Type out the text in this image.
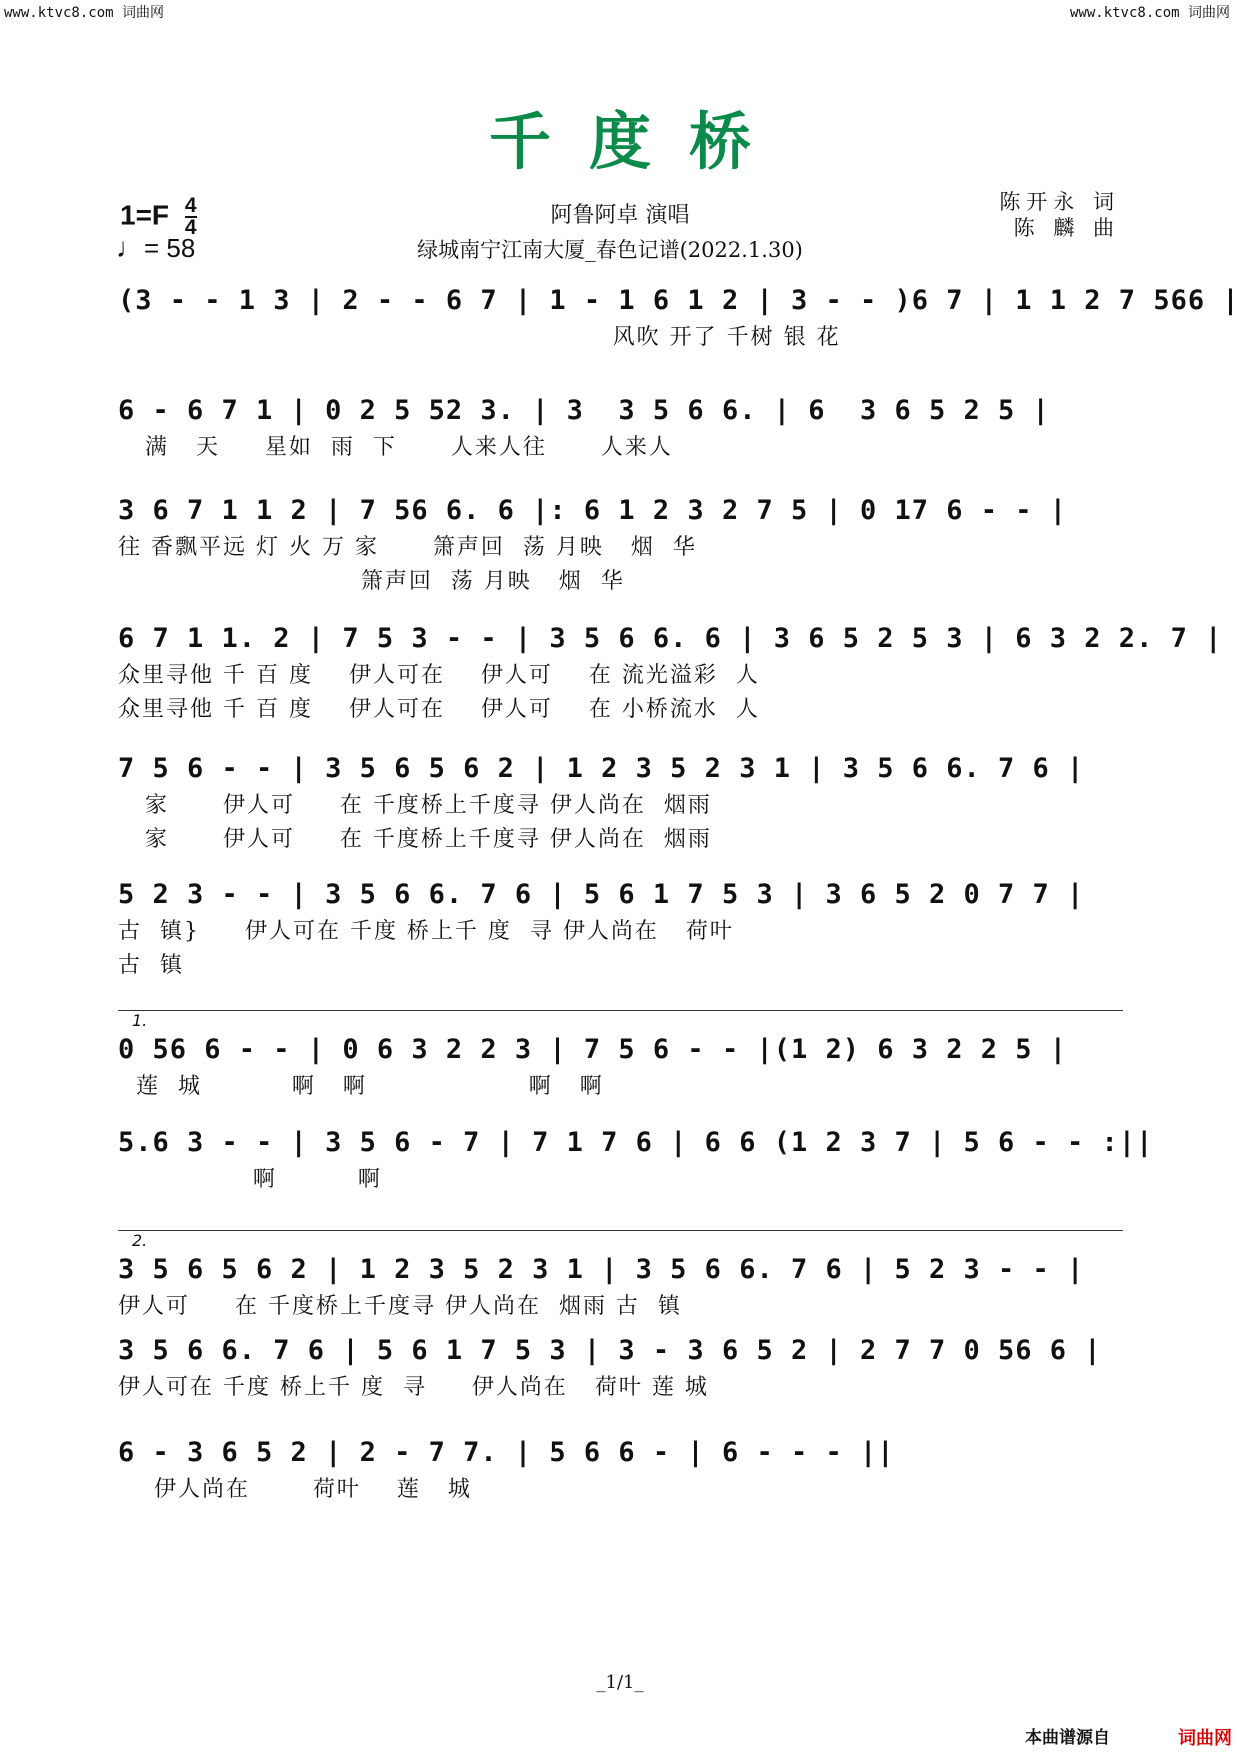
www.ktvc8.com 词曲网	www.ktvc8.com 词曲网
千度桥
$1=F \frac{4}{4}$
♩= 58
阿鲁阿卓 演唱
绿城南宁江南大厦_春色记谱(2022.1.30)
陈开永 词
陈 麟 曲
(3 - - 1 3 | 2 - - 6 7 | 1 - 1 6 1 2 | 3 - - )6 7 | 1 1 2 7 566 |
风吹 开了 千树 银 花
6 - 6 7 1 | 0 2 5 52 3. | 3  3 5 6 6. | 6  3 6 5 2 5 |
满   天     星如  雨  下      人来人往      人来人
3 6 7 1 1 2 | 7 56 6. 6 |: 6 1 2 3 2 7 5 | 0 17 6 - - |
往 香飘平远 灯 火 万 家      箫声回  荡 月映   烟  华
箫声回  荡 月映   烟  华
6 7 1 1. 2 | 7 5 3 - - | 3 5 6 6. 6 | 3 6 5 2 5 3 | 6 3 2 2. 7 |
众里寻他 千 百 度    伊人可在    伊人可    在 流光溢彩  人
众里寻他 千 百 度    伊人可在    伊人可    在 小桥流水  人
7 5 6 - - | 3 5 6 5 6 2 | 1 2 3 5 2 3 1 | 3 5 6 6. 7 6 |
家      伊人可     在 千度桥上千度寻 伊人尚在  烟雨
家      伊人可     在 千度桥上千度寻 伊人尚在  烟雨
5 2 3 - - | 3 5 6 6. 7 6 | 5 6 1 7 5 3 | 3 6 5 2 0 7 7 |
古  镇}     伊人可在 千度 桥上千 度  寻 伊人尚在   荷叶
古  镇
1.
0 56 6 - - | 0 6 3 2 2 3 | 7 5 6 - - |(1 2) 6 3 2 2 5 |
莲  城          啊   啊                  啊   啊
5.6 3 - - | 3 5 6 - 7 | 7 1 7 6 | 6 6 (1 2 3 7 | 5 6 - - :||
啊         啊
2.
3 5 6 5 6 2 | 1 2 3 5 2 3 1 | 3 5 6 6. 7 6 | 5 2 3 - - |
伊人可     在 千度桥上千度寻 伊人尚在  烟雨 古  镇
3 5 6 6. 7 6 | 5 6 1 7 5 3 | 3 - 3 6 5 2 | 2 7 7 0 56 6 |
伊人可在 千度 桥上千 度  寻     伊人尚在   荷叶 莲 城
6 - 3 6 5 2 | 2 - 7 7. | 5 6 6 - | 6 - - - ||
伊人尚在       荷叶    莲   城
_1/1_
本曲谱源自	词曲网
